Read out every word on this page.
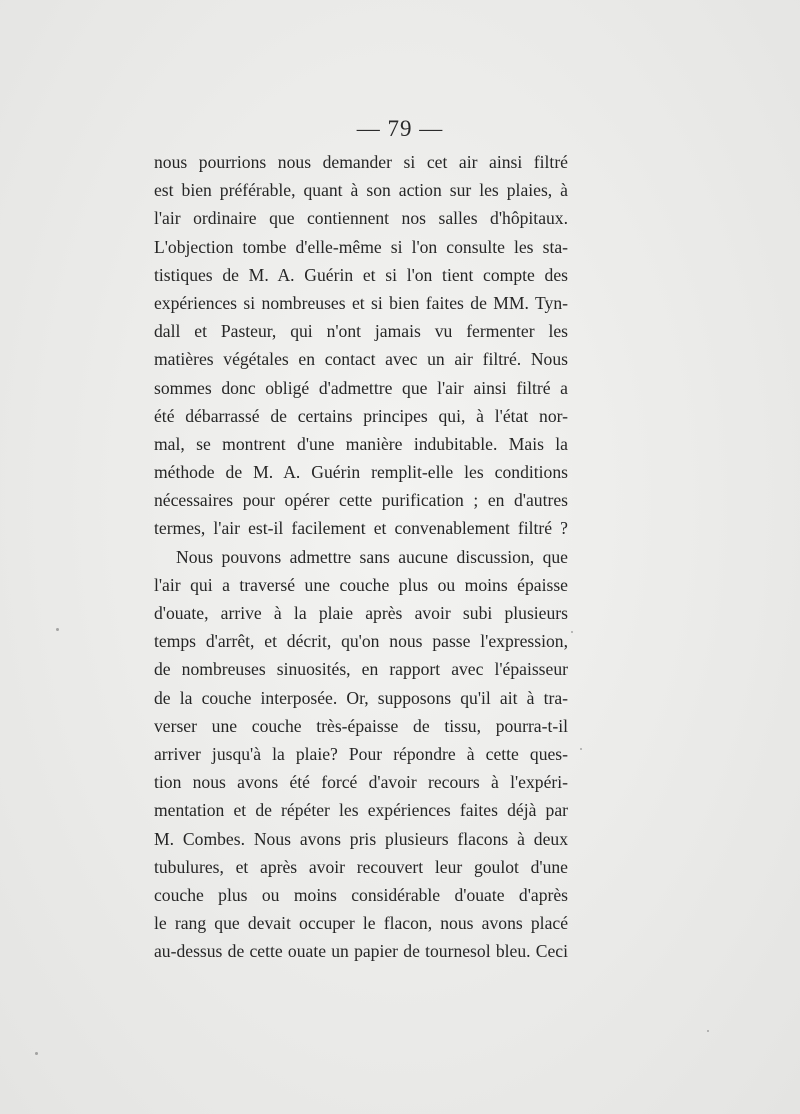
— 79 —
nous pourrions nous demander si cet air ainsi filtré
est bien préférable, quant à son action sur les plaies, à
l'air ordinaire que contiennent nos salles d'hôpitaux.
L'objection tombe d'elle-même si l'on consulte les sta-
tistiques de M. A. Guérin et si l'on tient compte des
expériences si nombreuses et si bien faites de MM. Tyn-
dall et Pasteur, qui n'ont jamais vu fermenter les
matières végétales en contact avec un air filtré. Nous
sommes donc obligé d'admettre que l'air ainsi filtré a
été débarrassé de certains principes qui, à l'état nor-
mal, se montrent d'une manière indubitable. Mais la
méthode de M. A. Guérin remplit-elle les conditions
nécessaires pour opérer cette purification ; en d'autres
termes, l'air est-il facilement et convenablement filtré ?
Nous pouvons admettre sans aucune discussion, que
l'air qui a traversé une couche plus ou moins épaisse
d'ouate, arrive à la plaie après avoir subi plusieurs
temps d'arrêt, et décrit, qu'on nous passe l'expression,
de nombreuses sinuosités, en rapport avec l'épaisseur
de la couche interposée. Or, supposons qu'il ait à tra-
verser une couche très-épaisse de tissu, pourra-t-il
arriver jusqu'à la plaie? Pour répondre à cette ques-
tion nous avons été forcé d'avoir recours à l'expéri-
mentation et de répéter les expériences faites déjà par
M. Combes. Nous avons pris plusieurs flacons à deux
tubulures, et après avoir recouvert leur goulot d'une
couche plus ou moins considérable d'ouate d'après
le rang que devait occuper le flacon, nous avons placé
au-dessus de cette ouate un papier de tournesol bleu. Ceci
